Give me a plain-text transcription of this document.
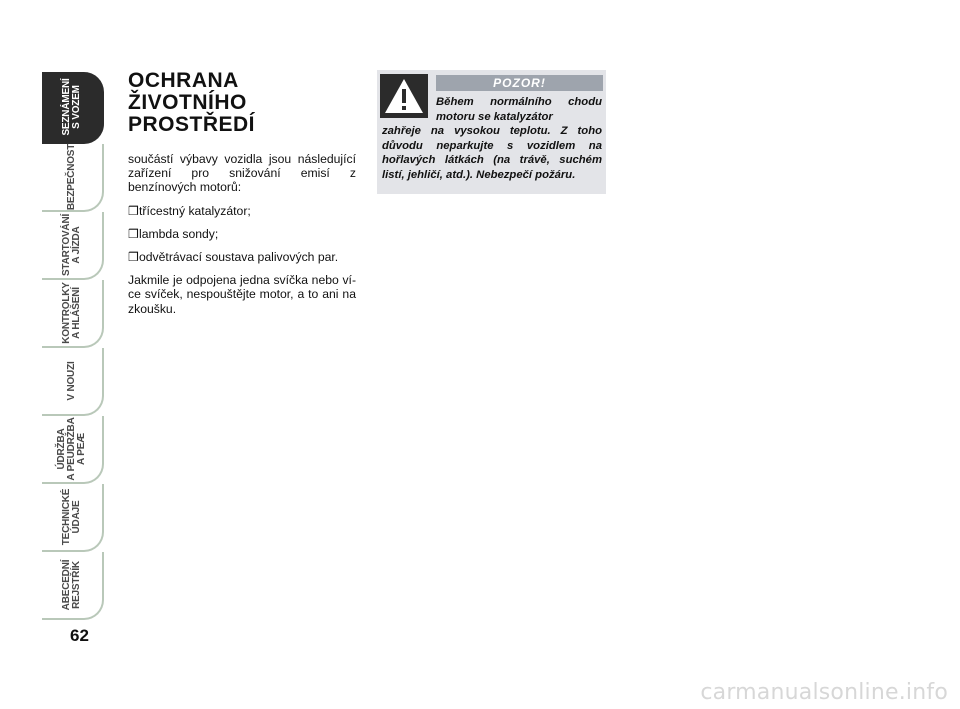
SEZNÁMENÍ
S VOZEM
BEZPEČNOST
STARTOVÁNÍ
A JÍZDA
KONTROLKY
A HLÁŠENÍ
V NOUZI
ÚDRŽBA
A PEUDRŽBA
A PEÆ
TECHNICKÉ
ÚDAJE
ABECEDNÍ
REJSTŘÍK
62
OCHRANA ŽIVOTNÍHO
PROSTŘEDÍ

součástí výbavy vozidla jsou následující zařízení pro snižování emisí z benzínových motorů:

❒třícestný katalyzátor;
❒lambda sondy;
❒odvětrávací soustava palivových par.

Jakmile je odpojena jedna svíčka nebo ví-ce svíček, nespouštějte motor, a to ani na zkoušku.

POZOR!
Během normálního chodu motoru se katalyzátor
zahřeje na vysokou teplotu. Z toho důvodu neparkujte s vozidlem na hořlavých látkách (na trávě, suchém listí, jehličí, atd.). Nebezpečí požáru.
carmanualsonline.info
